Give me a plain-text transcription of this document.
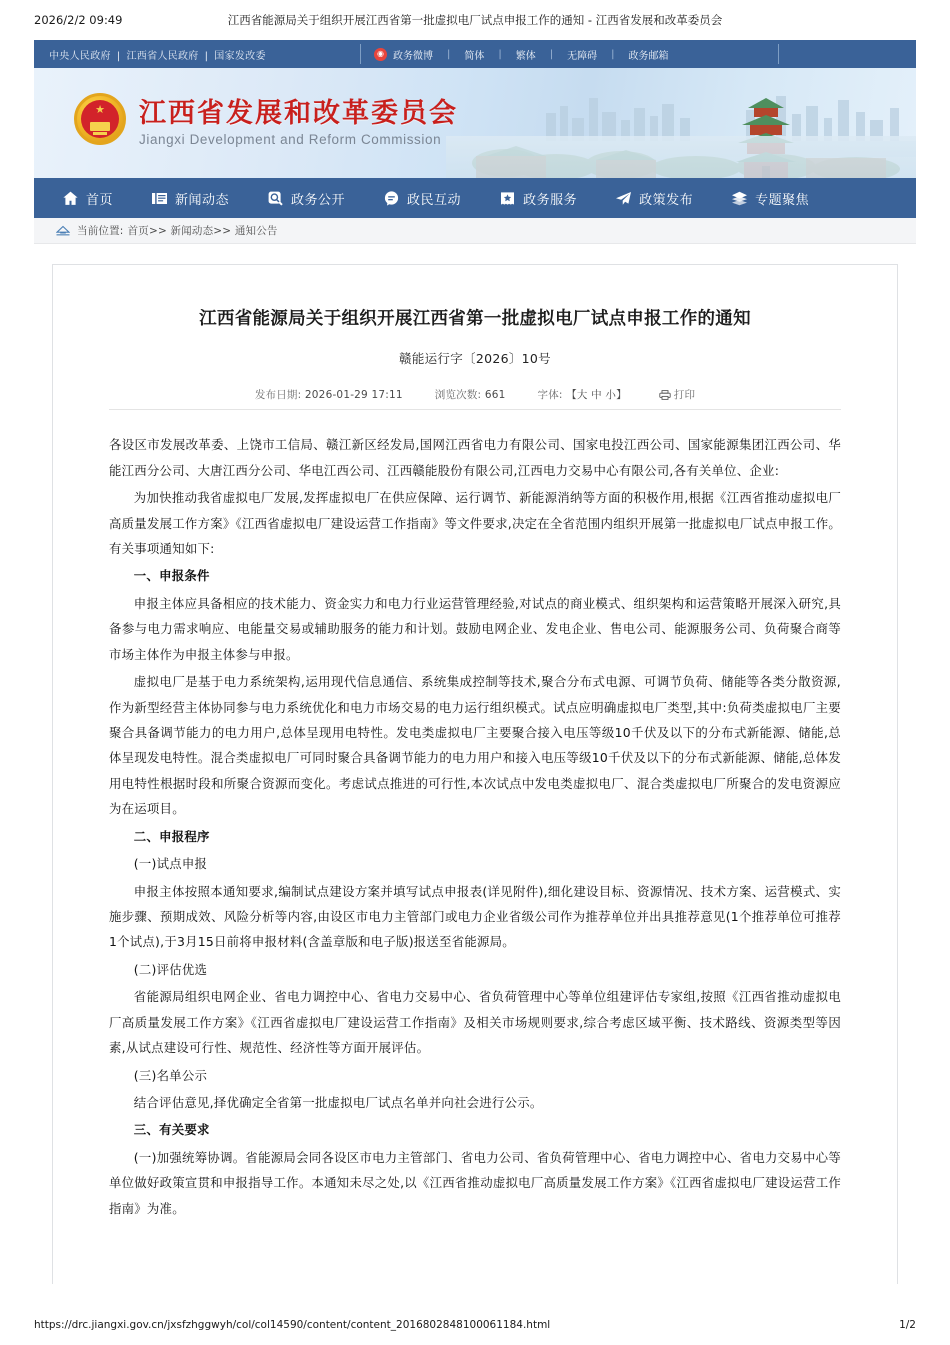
2026/2/2 09:49	江西省能源局关于组织开展江西省第一批虚拟电厂试点申报工作的通知 - 江西省发展和改革委员会
中央人民政府 | 江西省人民政府 | 国家发改委	◉ 政务微博	|	简体	|	繁体	|	无障碍	|	政务邮箱
★ 江西省发展和改革委员会
Jiangxi Development and Reform Commission
首页	新闻动态	政务公开	政民互动	政务服务	政策发布	专题聚焦
当前位置: 首页>> 新闻动态>> 通知公告
江西省能源局关于组织开展江西省第一批虚拟电厂试点申报工作的通知
赣能运行字〔2026〕10号
发布日期: 2026-01-29 17:11	浏览次数: 661	字体: 【大 中 小】	打印

各设区市发展改革委、上饶市工信局、赣江新区经发局,国网江西省电力有限公司、国家电投江西公司、国家能源集团江西公司、华能江西分公司、大唐江西分公司、华电江西公司、江西赣能股份有限公司,江西电力交易中心有限公司,各有关单位、企业:

为加快推动我省虚拟电厂发展,发挥虚拟电厂在供应保障、运行调节、新能源消纳等方面的积极作用,根据《江西省推动虚拟电厂高质量发展工作方案》《江西省虚拟电厂建设运营工作指南》等文件要求,决定在全省范围内组织开展第一批虚拟电厂试点申报工作。有关事项通知如下:

一、申报条件

申报主体应具备相应的技术能力、资金实力和电力行业运营管理经验,对试点的商业模式、组织架构和运营策略开展深入研究,具备参与电力需求响应、电能量交易或辅助服务的能力和计划。鼓励电网企业、发电企业、售电公司、能源服务公司、负荷聚合商等市场主体作为申报主体参与申报。

虚拟电厂是基于电力系统架构,运用现代信息通信、系统集成控制等技术,聚合分布式电源、可调节负荷、储能等各类分散资源,作为新型经营主体协同参与电力系统优化和电力市场交易的电力运行组织模式。试点应明确虚拟电厂类型,其中:负荷类虚拟电厂主要聚合具备调节能力的电力用户,总体呈现用电特性。发电类虚拟电厂主要聚合接入电压等级10千伏及以下的分布式新能源、储能,总体呈现发电特性。混合类虚拟电厂可同时聚合具备调节能力的电力用户和接入电压等级10千伏及以下的分布式新能源、储能,总体发用电特性根据时段和所聚合资源而变化。考虑试点推进的可行性,本次试点中发电类虚拟电厂、混合类虚拟电厂所聚合的发电资源应为在运项目。

二、申报程序

(一)试点申报

申报主体按照本通知要求,编制试点建设方案并填写试点申报表(详见附件),细化建设目标、资源情况、技术方案、运营模式、实施步骤、预期成效、风险分析等内容,由设区市电力主管部门或电力企业省级公司作为推荐单位并出具推荐意见(1个推荐单位可推荐1个试点),于3月15日前将申报材料(含盖章版和电子版)报送至省能源局。

(二)评估优选

省能源局组织电网企业、省电力调控中心、省电力交易中心、省负荷管理中心等单位组建评估专家组,按照《江西省推动虚拟电厂高质量发展工作方案》《江西省虚拟电厂建设运营工作指南》及相关市场规则要求,综合考虑区域平衡、技术路线、资源类型等因素,从试点建设可行性、规范性、经济性等方面开展评估。

(三)名单公示

结合评估意见,择优确定全省第一批虚拟电厂试点名单并向社会进行公示。

三、有关要求

(一)加强统筹协调。省能源局会同各设区市电力主管部门、省电力公司、省负荷管理中心、省电力调控中心、省电力交易中心等单位做好政策宣贯和申报指导工作。本通知未尽之处,以《江西省推动虚拟电厂高质量发展工作方案》《江西省虚拟电厂建设运营工作指南》为准。

https://drc.jiangxi.gov.cn/jxsfzhggwyh/col/col14590/content/content_2016802848100061184.html	1/2
